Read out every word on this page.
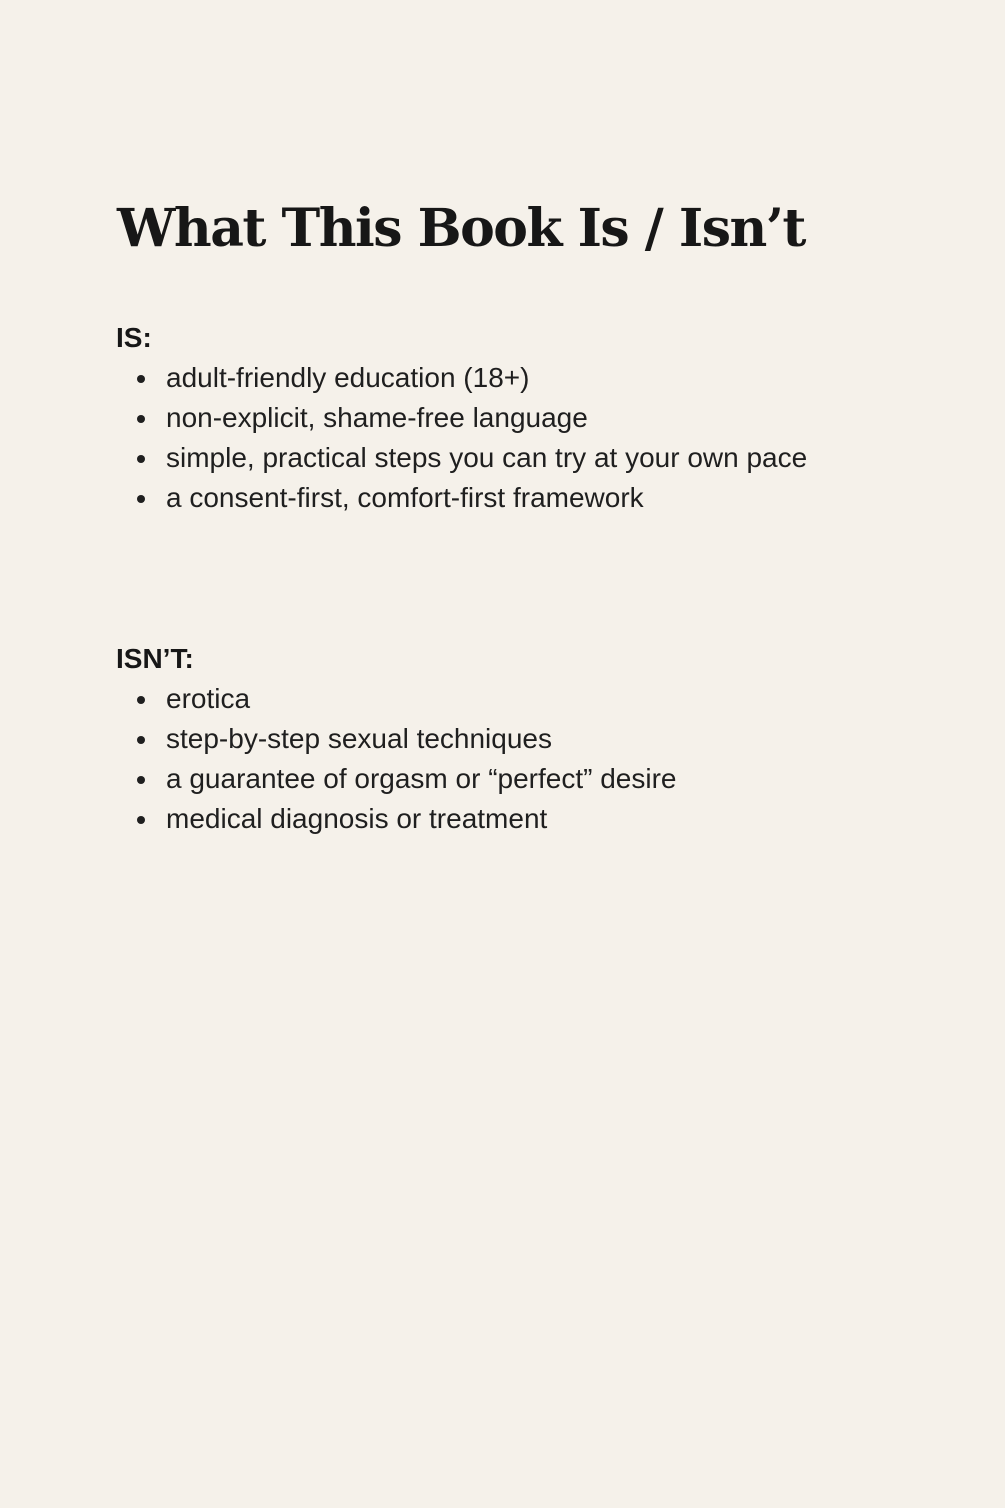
What This Book Is / Isn’t
IS:
adult-friendly education (18+)
non-explicit, shame-free language
simple, practical steps you can try at your own pace
a consent-first, comfort-first framework
ISN’T:
erotica
step-by-step sexual techniques
a guarantee of orgasm or “perfect” desire
medical diagnosis or treatment
